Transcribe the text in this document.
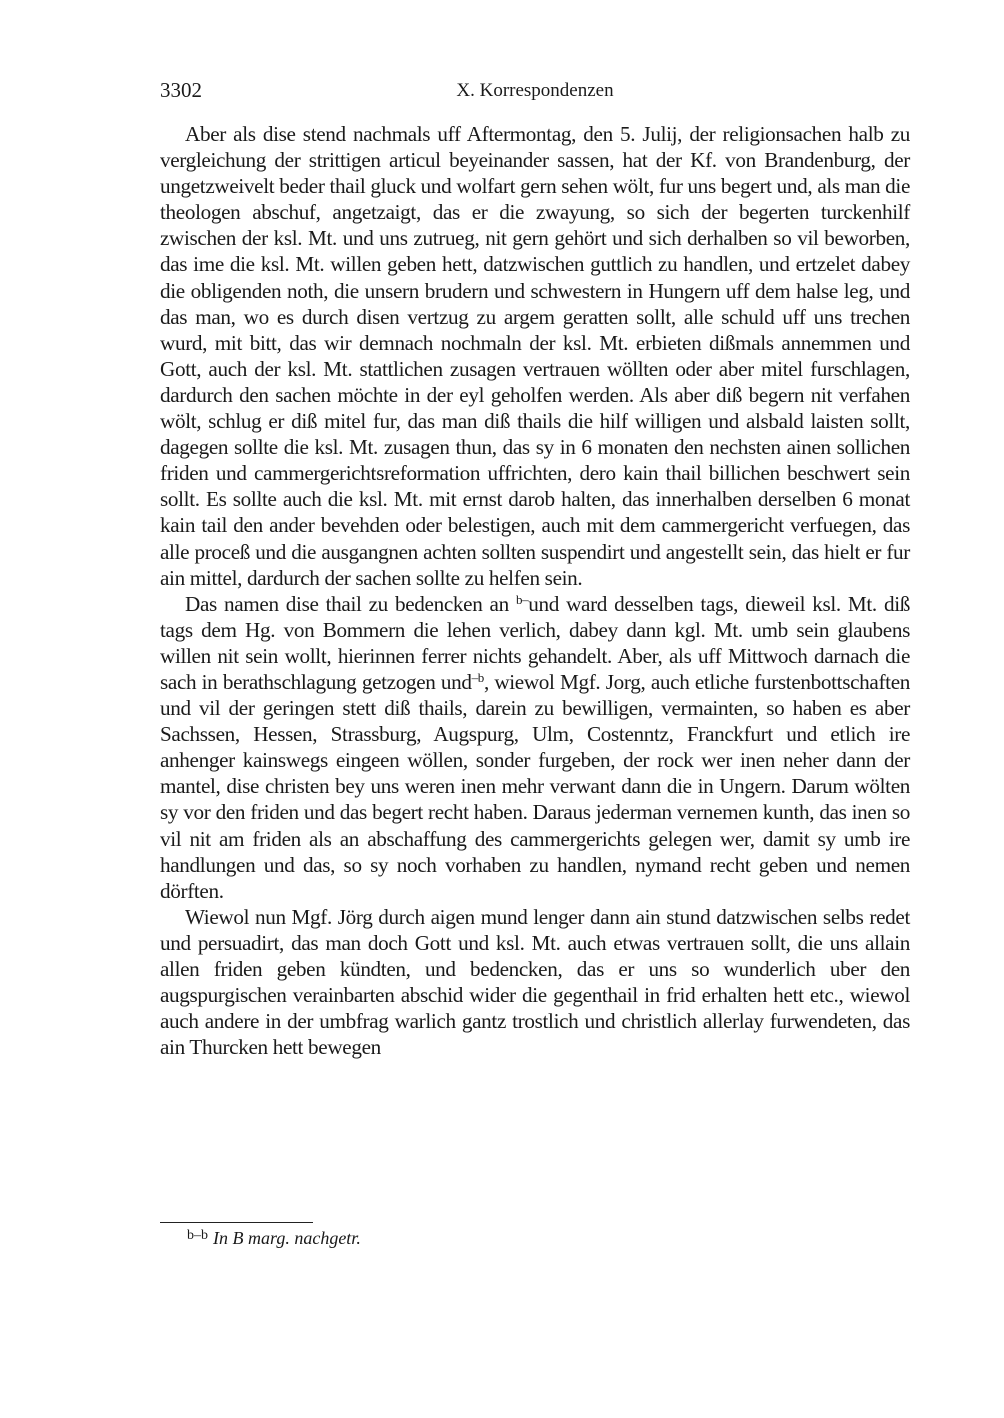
3302	X. Korrespondenzen

Aber als dise stend nachmals uff Aftermontag, den 5. Julij, der religionsachen halb zu vergleichung der strittigen articul beyeinander sassen, hat der Kf. von Brandenburg, der ungetzweivelt beder thail gluck und wolfart gern sehen wölt, fur uns begert und, als man die theologen abschuf, angetzaigt, das er die zwayung, so sich der begerten turckenhilf zwischen der ksl. Mt. und uns zutrueg, nit gern gehört und sich derhalben so vil beworben, das ime die ksl. Mt. willen geben hett, datzwischen guttlich zu handlen, und ertzelet dabey die obligenden noth, die unsern brudern und schwestern in Hungern uff dem halse leg, und das man, wo es durch disen vertzug zu argem geratten sollt, alle schuld uff uns trechen wurd, mit bitt, das wir demnach nochmaln der ksl. Mt. erbieten dißmals annemmen und Gott, auch der ksl. Mt. stattlichen zusagen vertrauen wöllten oder aber mitel furschlagen, dardurch den sachen möchte in der eyl geholfen werden. Als aber diß begern nit verfahen wölt, schlug er diß mitel fur, das man diß thails die hilf willigen und alsbald laisten sollt, dagegen sollte die ksl. Mt. zusagen thun, das sy in 6 monaten den nechsten ainen sollichen friden und cammergerichtsreformation uffrichten, dero kain thail billichen beschwert sein sollt. Es sollte auch die ksl. Mt. mit ernst darob halten, das innerhalben derselben 6 monat kain tail den ander bevehden oder belestigen, auch mit dem cammergericht verfuegen, das alle proceß und die ausgangnen achten sollten suspendirt und angestellt sein, das hielt er fur ain mittel, dardurch der sachen sollte zu helfen sein.

Das namen dise thail zu bedencken an $^{b-}$und ward desselben tags, dieweil ksl. Mt. diß tags dem Hg. von Bommern die lehen verlich, dabey dann kgl. Mt. umb sein glaubens willen nit sein wollt, hierinnen ferrer nichts gehandelt. Aber, als uff Mittwoch darnach die sach in berathschlagung getzogen und$^{-b}$, wiewol Mgf. Jorg, auch etliche furstenbottschaften und vil der geringen stett diß thails, darein zu bewilligen, vermainten, so haben es aber Sachssen, Hessen, Strassburg, Augspurg, Ulm, Costenntz, Franckfurt und etlich ire anhenger kainswegs eingeen wöllen, sonder furgeben, der rock wer inen neher dann der mantel, dise christen bey uns weren inen mehr verwant dann die in Ungern. Darum wölten sy vor den friden und das begert recht haben. Daraus jederman vernemen kunth, das inen so vil nit am friden als an abschaffung des cammergerichts gelegen wer, damit sy umb ire handlungen und das, so sy noch vorhaben zu handlen, nymand recht geben und nemen dörften.

Wiewol nun Mgf. Jörg durch aigen mund lenger dann ain stund datzwischen selbs redet und persuadirt, das man doch Gott und ksl. Mt. auch etwas vertrauen sollt, die uns allain allen friden geben kündten, und bedencken, das er uns so wunderlich uber den augspurgischen verainbarten abschid wider die gegenthail in frid erhalten hett etc., wiewol auch andere in der umbfrag warlich gantz trostlich und christlich allerlay furwendeten, das ain Thurcken hett bewegen

$^{b-b}$ In B marg. nachgetr.
